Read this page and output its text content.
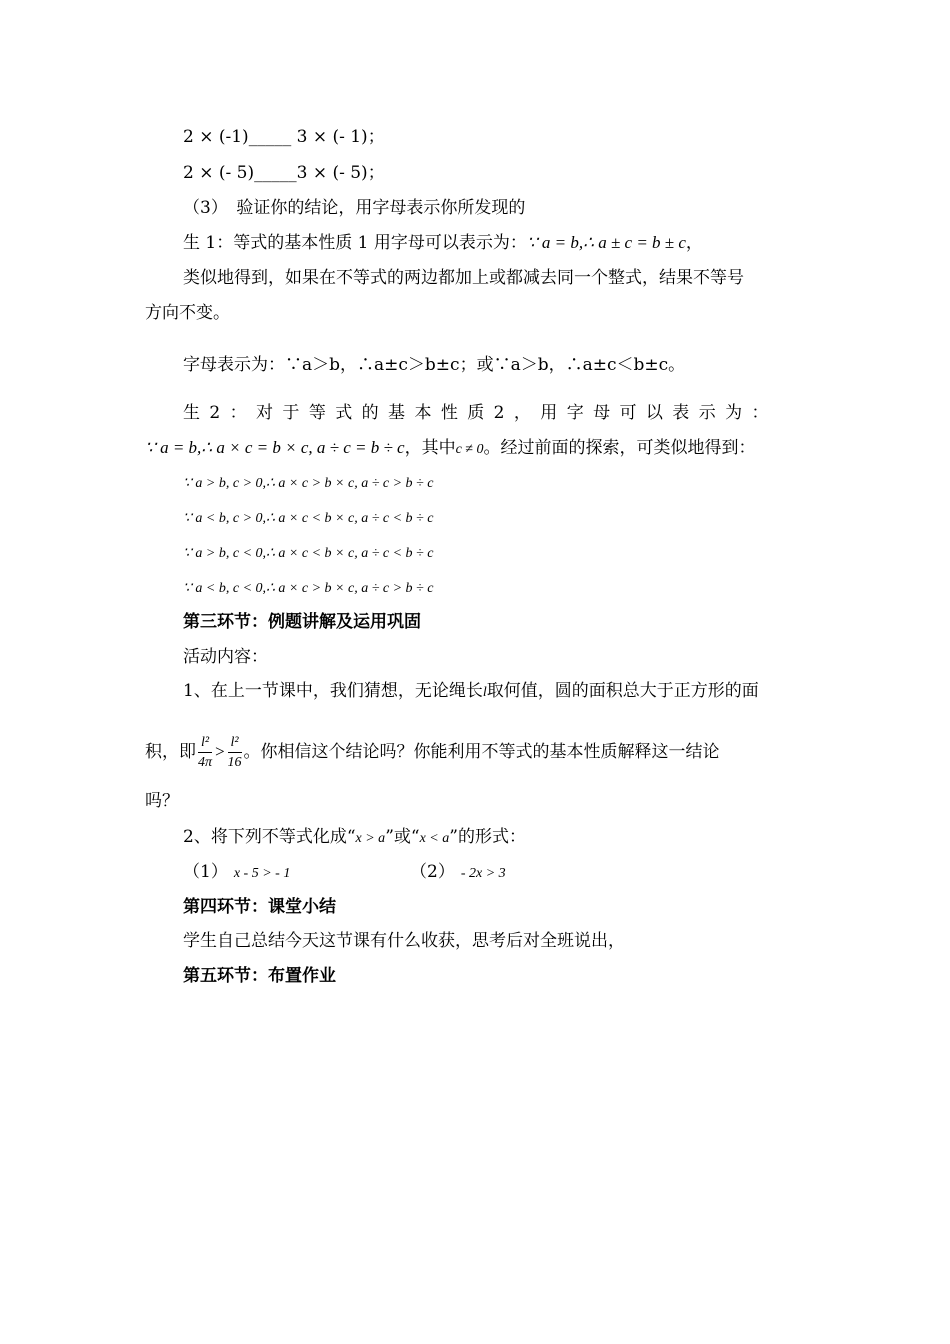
2 × (-1)_____ 3 × (- 1)；
2 × (- 5)_____3 × (- 5)；
（3）　验证你的结论，用字母表示你所发现的
生 1：等式的基本性质 1 用字母可以表示为：∵ a = b,∴ a ± c = b ± c，
类似地得到，如果在不等式的两边都加上或都减去同一个整式，结果不等号
方向不变。
字母表示为：∵a＞b，∴a±c＞b±c；或∵a＞b，∴a±c＜b±c。
生 2 ： 对 于 等 式 的 基 本 性 质 2 ， 用 字 母 可 以 表 示 为 ：
∵ a = b,∴ a × c = b × c, a ÷ c = b ÷ c，其中c ≠ 0。经过前面的探索，可类似地得到：
∵ a > b, c > 0,∴ a × c > b × c, a ÷ c > b ÷ c
∵ a < b, c > 0,∴ a × c < b × c, a ÷ c < b ÷ c
∵ a > b, c < 0,∴ a × c < b × c, a ÷ c < b ÷ c
∵ a < b, c < 0,∴ a × c > b × c, a ÷ c > b ÷ c
第三环节：例题讲解及运用巩固
活动内容：
1、在上一节课中，我们猜想，无论绳长l取何值，圆的面积总大于正方形的面
积，即 $\frac{\text{l²}}{4\pi} > \frac{\text{l²}}{16}$ 。你相信这个结论吗？你能利用不等式的基本性质解释这一结论
吗？
2、将下列不等式化成“x > a”或“x < a”的形式：
（1） x - 5 > - 1	（2） - 2x > 3
第四环节：课堂小结
学生自己总结今天这节课有什么收获，思考后对全班说出，
第五环节：布置作业
